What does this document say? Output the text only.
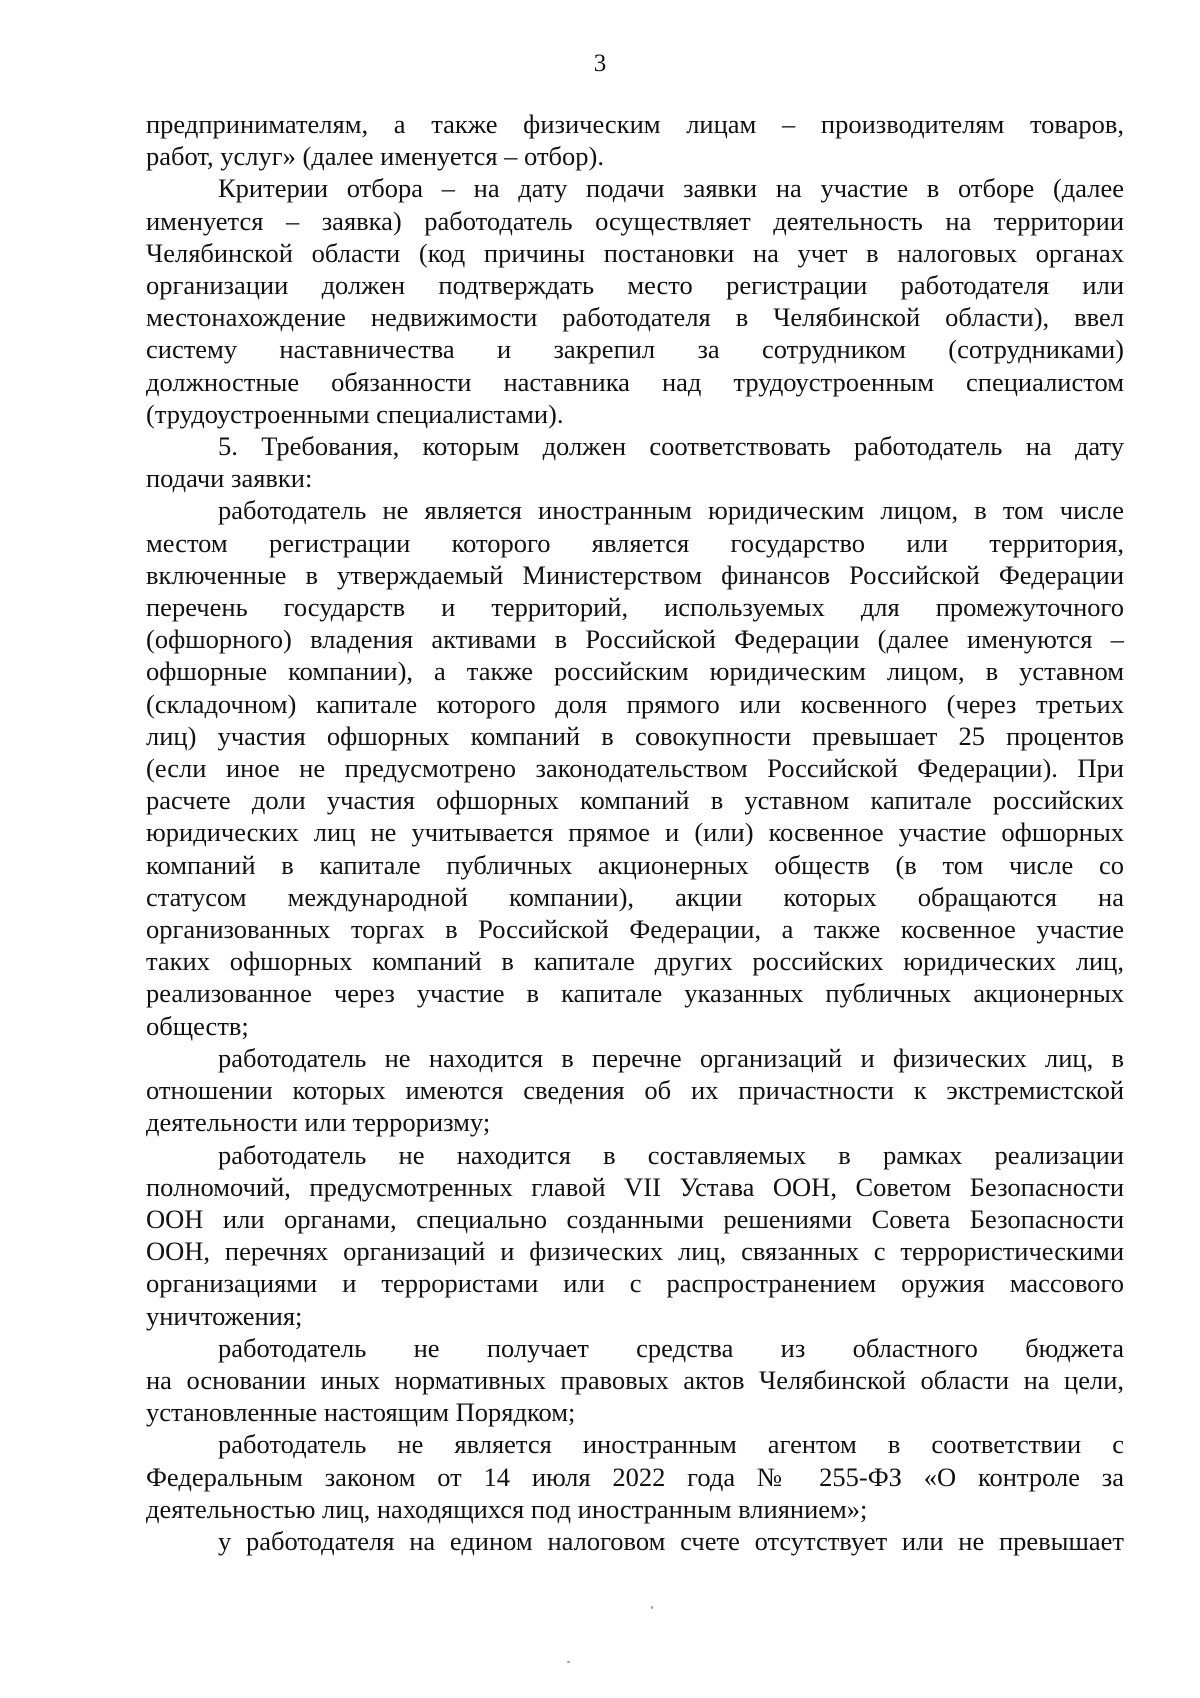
3

предпринимателям, а также физическим лицам – производителям товаров,

работ, услуг» (далее именуется – отбор).

Критерии отбора – на дату подачи заявки на участие в отборе (далее

именуется – заявка) работодатель осуществляет деятельность на территории

Челябинской области (код причины постановки на учет в налоговых органах

организации должен подтверждать место регистрации работодателя или

местонахождение недвижимости работодателя в Челябинской области), ввел

систему наставничества и закрепил за сотрудником (сотрудниками)

должностные обязанности наставника над трудоустроенным специалистом

(трудоустроенными специалистами).

5. Требования, которым должен соответствовать работодатель на дату

подачи заявки:

работодатель не является иностранным юридическим лицом, в том числе

местом регистрации которого является государство или территория,

включенные в утверждаемый Министерством финансов Российской Федерации

перечень государств и территорий, используемых для промежуточного

(офшорного) владения активами в Российской Федерации (далее именуются –

офшорные компании), а также российским юридическим лицом, в уставном

(складочном) капитале которого доля прямого или косвенного (через третьих

лиц) участия офшорных компаний в совокупности превышает 25 процентов

(если иное не предусмотрено законодательством Российской Федерации). При

расчете доли участия офшорных компаний в уставном капитале российских

юридических лиц не учитывается прямое и (или) косвенное участие офшорных

компаний в капитале публичных акционерных обществ (в том числе со

статусом международной компании), акции которых обращаются на

организованных торгах в Российской Федерации, а также косвенное участие

таких офшорных компаний в капитале других российских юридических лиц,

реализованное через участие в капитале указанных публичных акционерных

обществ;

работодатель не находится в перечне организаций и физических лиц, в

отношении которых имеются сведения об их причастности к экстремистской

деятельности или терроризму;

работодатель не находится в составляемых в рамках реализации

полномочий, предусмотренных главой VII Устава ООН, Советом Безопасности

ООН или органами, специально созданными решениями Совета Безопасности

ООН, перечнях организаций и физических лиц, связанных с террористическими

организациями и террористами или с распространением оружия массового

уничтожения;

работодатель не получает средства из областного бюджета

на основании иных нормативных правовых актов Челябинской области на цели,

установленные настоящим Порядком;

работодатель не является иностранным агентом в соответствии с

Федеральным законом от 14 июля 2022 года № 255-ФЗ «О контроле за

деятельностью лиц, находящихся под иностранным влиянием»;

у работодателя на едином налоговом счете отсутствует или не превышает
